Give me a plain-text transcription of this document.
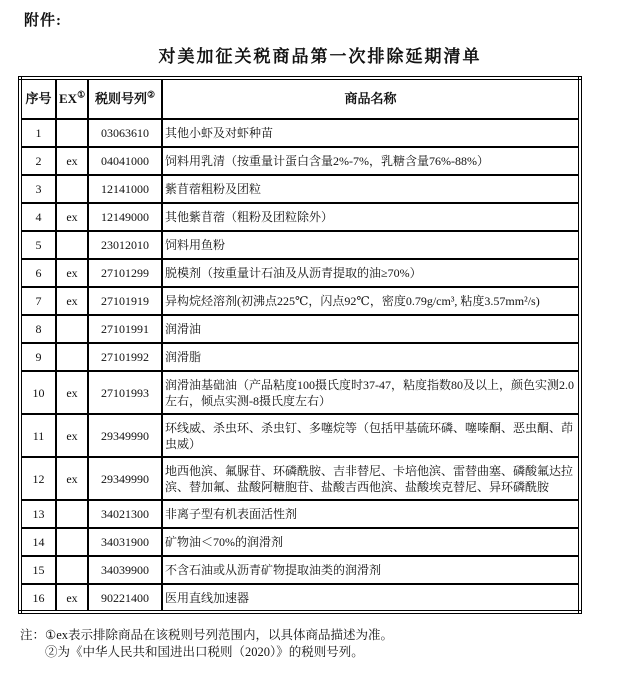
附件:
对美加征关税商品第一次排除延期清单
序号	EX①	税则号列②	商品名称
1		03063610	其他小虾及对虾种苗
2	ex	04041000	饲料用乳清（按重量计蛋白含量2%-7%，乳糖含量76%-88%）
3		12141000	紫苜蓿粗粉及团粒
4	ex	12149000	其他紫苜蓿（粗粉及团粒除外）
5		23012010	饲料用鱼粉
6	ex	27101299	脱模剂（按重量计石油及从沥青提取的油≥70%）
7	ex	27101919	异构烷烃溶剂(初沸点225℃，闪点92℃，密度0.79g/cm³, 粘度3.57mm²/s)
8		27101991	润滑油
9		27101992	润滑脂
10	ex	27101993	润滑油基础油（产品粘度100摄氏度时37-47，粘度指数80及以上，颜色实测2.0左右，倾点实测-8摄氏度左右）
11	ex	29349990	环线威、杀虫环、杀虫钉、多噻烷等（包括甲基硫环磷、噻嗪酮、恶虫酮、茚虫威）
12	ex	29349990	地西他滨、氟脲苷、环磷酰胺、吉非替尼、卡培他滨、雷替曲塞、磷酸氟达拉滨、替加氟、盐酸阿糖胞苷、盐酸吉西他滨、盐酸埃克替尼、异环磷酰胺
13		34021300	非离子型有机表面活性剂
14		34031900	矿物油＜70%的润滑剂
15		34039900	不含石油或从沥青矿物提取油类的润滑剂
16	ex	90221400	医用直线加速器
注： ①ex表示排除商品在该税则号列范围内，以具体商品描述为准。
②为《中华人民共和国进出口税则（2020）》的税则号列。
